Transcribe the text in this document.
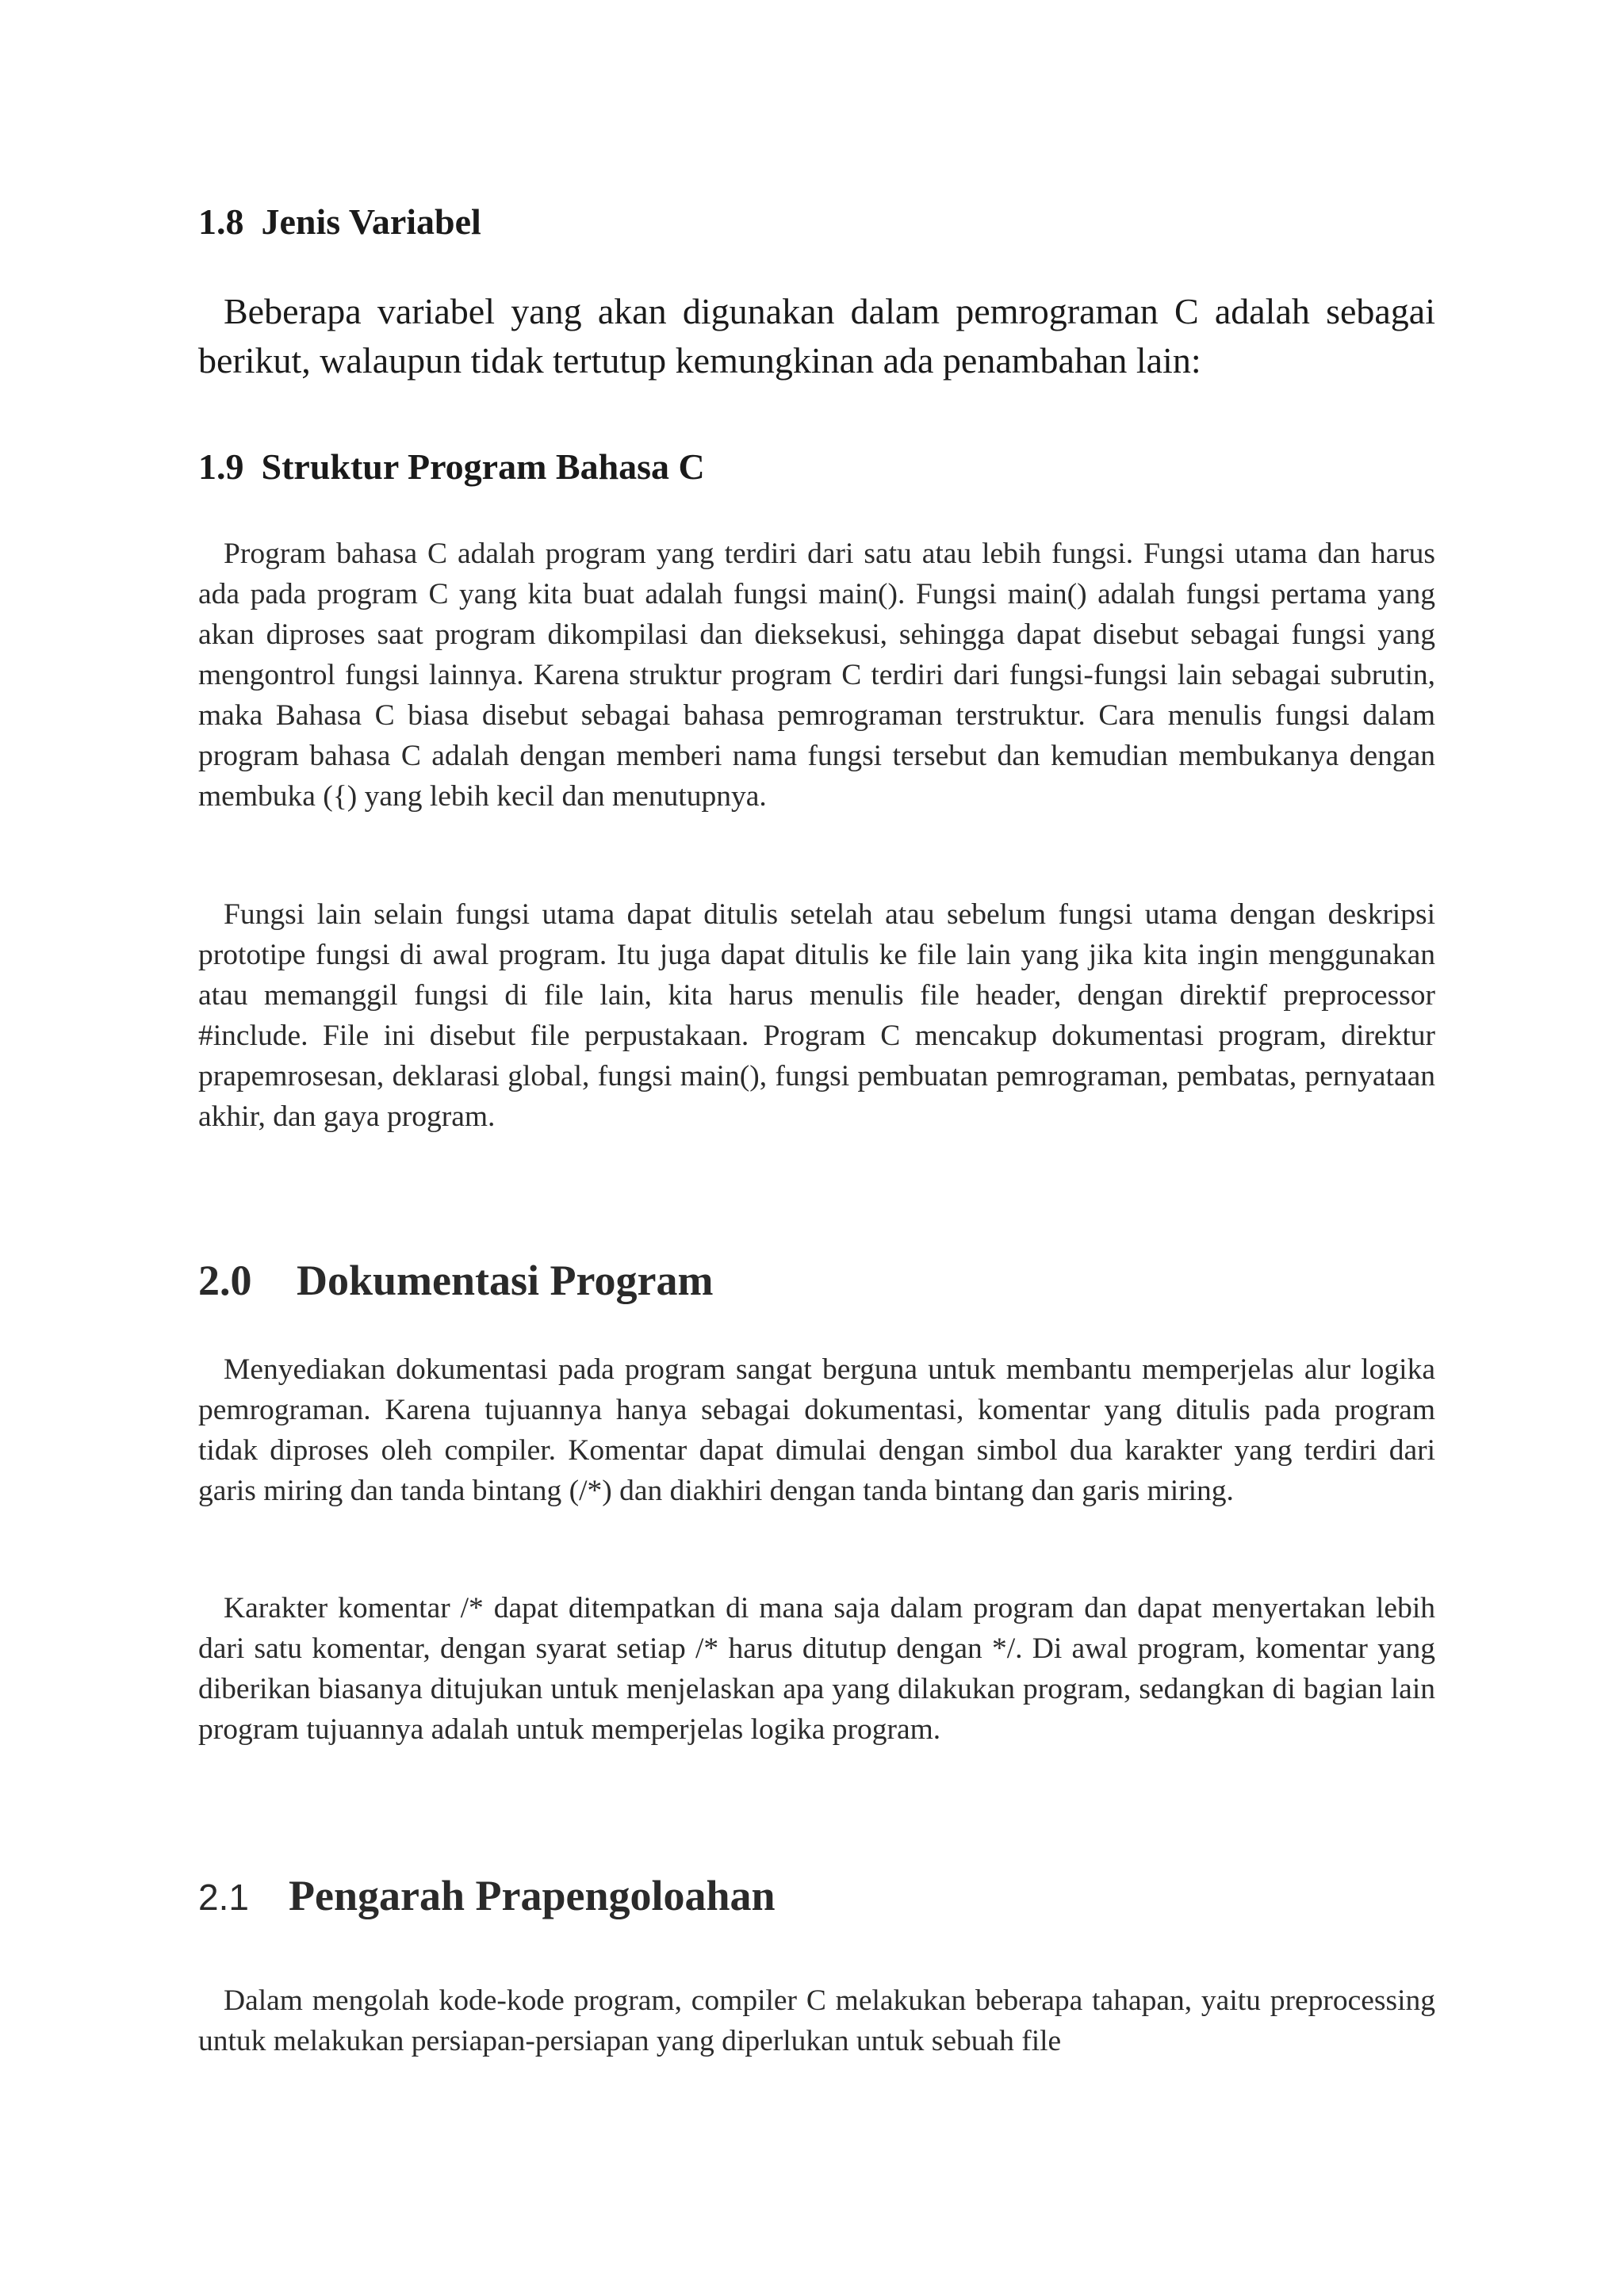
1.8 Jenis Variabel

Beberapa variabel yang akan digunakan dalam pemrograman C adalah sebagai berikut, walaupun tidak tertutup kemungkinan ada penambahan lain:

1.9 Struktur Program Bahasa C

Program bahasa C adalah program yang terdiri dari satu atau lebih fungsi. Fungsi utama dan harus ada pada program C yang kita buat adalah fungsi main(). Fungsi main() adalah fungsi pertama yang akan diproses saat program dikompilasi dan dieksekusi, sehingga dapat disebut sebagai fungsi yang mengontrol fungsi lainnya. Karena struktur program C terdiri dari fungsi-fungsi lain sebagai subrutin, maka Bahasa C biasa disebut sebagai bahasa pemrograman terstruktur. Cara menulis fungsi dalam program bahasa C adalah dengan memberi nama fungsi tersebut dan kemudian membukanya dengan membuka ({) yang lebih kecil dan menutupnya.

Fungsi lain selain fungsi utama dapat ditulis setelah atau sebelum fungsi utama dengan deskripsi prototipe fungsi di awal program. Itu juga dapat ditulis ke file lain yang jika kita ingin menggunakan atau memanggil fungsi di file lain, kita harus menulis file header, dengan direktif preprocessor #include. File ini disebut file perpustakaan. Program C mencakup dokumentasi program, direktur prapemrosesan, deklarasi global, fungsi main(), fungsi pembuatan pemrograman, pembatas, pernyataan akhir, dan gaya program.

2.0 Dokumentasi Program

Menyediakan dokumentasi pada program sangat berguna untuk membantu memperjelas alur logika pemrograman. Karena tujuannya hanya sebagai dokumentasi, komentar yang ditulis pada program tidak diproses oleh compiler. Komentar dapat dimulai dengan simbol dua karakter yang terdiri dari garis miring dan tanda bintang (/*) dan diakhiri dengan tanda bintang dan garis miring.

Karakter komentar /* dapat ditempatkan di mana saja dalam program dan dapat menyertakan lebih dari satu komentar, dengan syarat setiap /* harus ditutup dengan */. Di awal program, komentar yang diberikan biasanya ditujukan untuk menjelaskan apa yang dilakukan program, sedangkan di bagian lain program tujuannya adalah untuk memperjelas logika program.

2.1 Pengarah Prapengoloahan

Dalam mengolah kode-kode program, compiler C melakukan beberapa tahapan, yaitu preprocessing untuk melakukan persiapan-persiapan yang diperlukan untuk sebuah file
